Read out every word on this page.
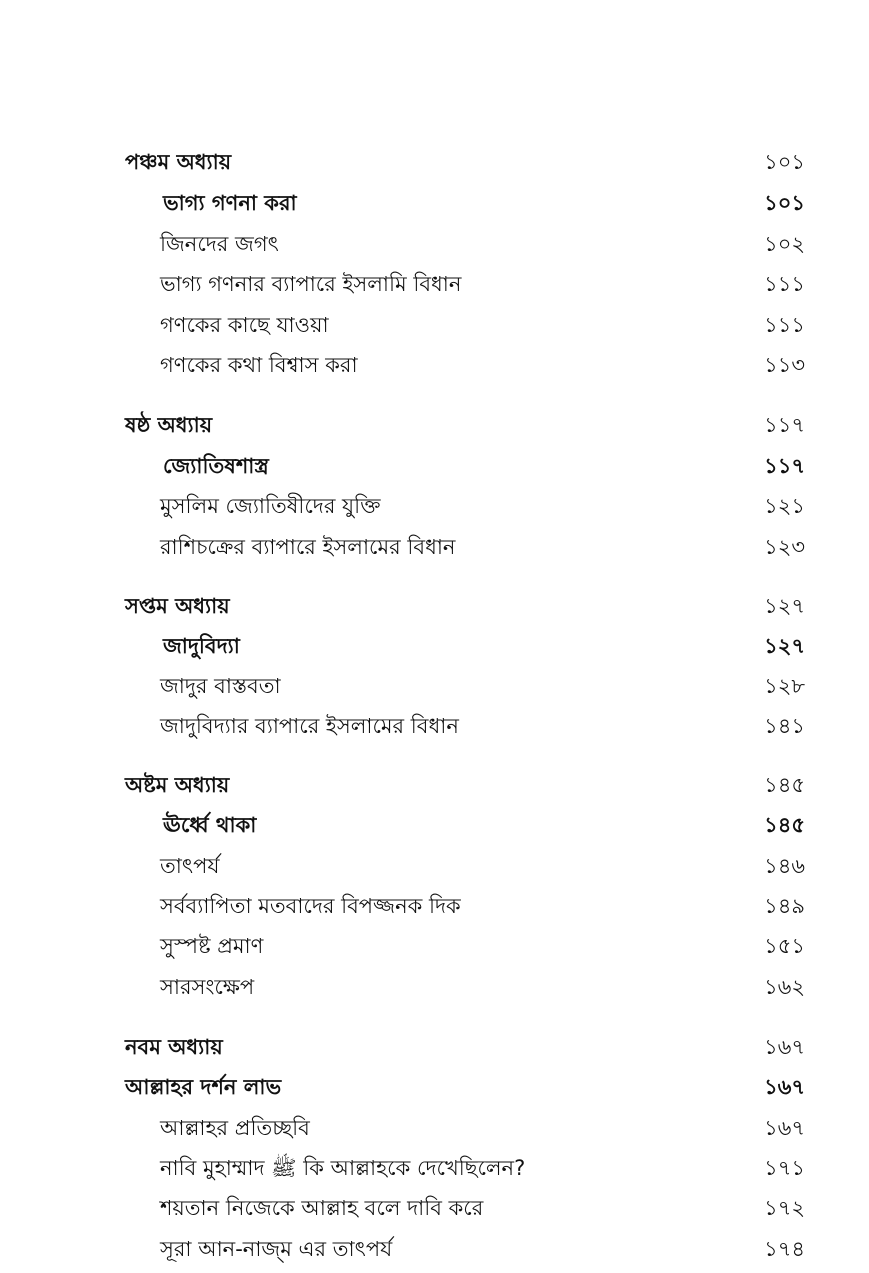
পঞ্চম অধ্যায়	১০১
ভাগ্য গণনা করা	১০১
জিনদের জগৎ	১০২
ভাগ্য গণনার ব্যাপারে ইসলামি বিধান	১১১
গণকের কাছে যাওয়া	১১১
গণকের কথা বিশ্বাস করা	১১৩
ষষ্ঠ অধ্যায়	১১৭
জ্যোতিষশাস্ত্র	১১৭
মুসলিম জ্যোতিষীদের যুক্তি	১২১
রাশিচক্রের ব্যাপারে ইসলামের বিধান	১২৩
সপ্তম অধ্যায়	১২৭
জাদুবিদ্যা	১২৭
জাদুর বাস্তবতা	১২৮
জাদুবিদ্যার ব্যাপারে ইসলামের বিধান	১৪১
অষ্টম অধ্যায়	১৪৫
ঊর্ধ্বে থাকা	১৪৫
তাৎপর্য	১৪৬
সর্বব্যাপিতা মতবাদের বিপজ্জনক দিক	১৪৯
সুস্পষ্ট প্রমাণ	১৫১
সারসংক্ষেপ	১৬২
নবম অধ্যায়	১৬৭
আল্লাহর দর্শন লাভ	১৬৭
আল্লাহর প্রতিচ্ছবি	১৬৭
নাবি মুহাম্মাদ ﷺ কি আল্লাহকে দেখেছিলেন?	১৭১
শয়তান নিজেকে আল্লাহ বলে দাবি করে	১৭২
সূরা আন-নাজ্ম এর তাৎপর্য	১৭৪
